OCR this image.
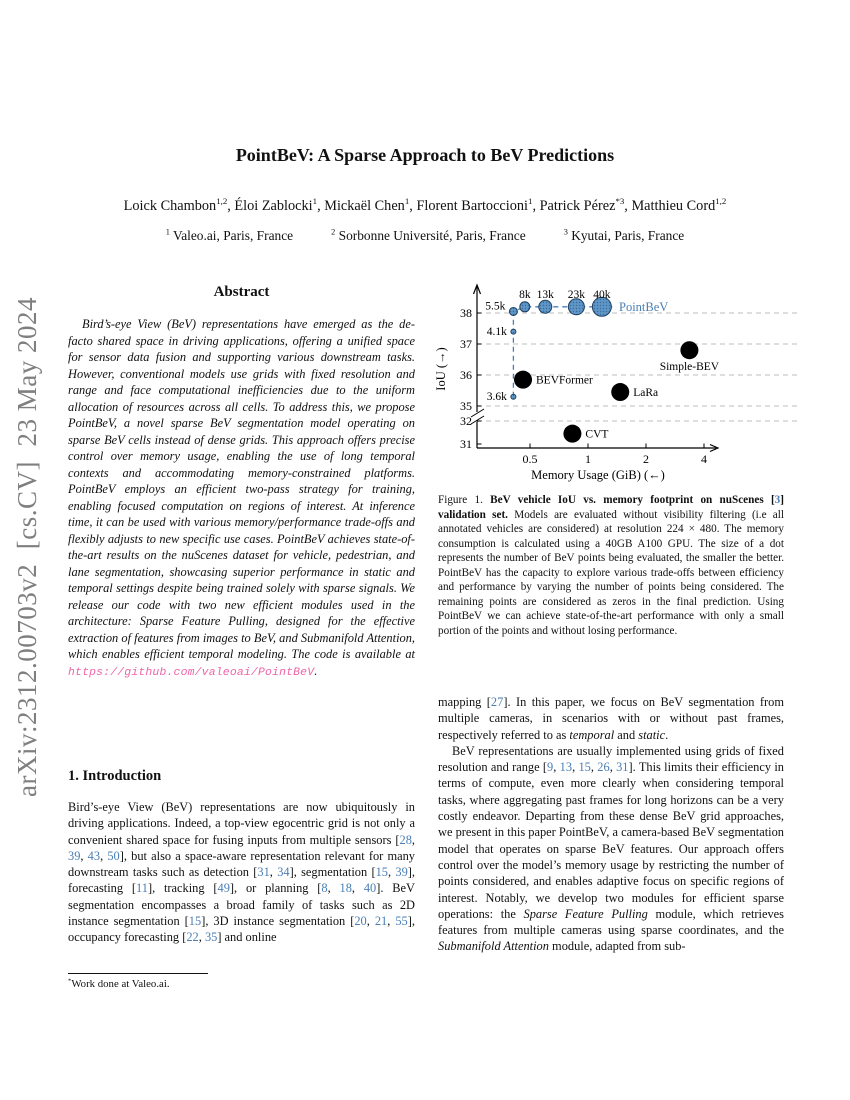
arXiv:2312.00703v2  [cs.CV]  23 May 2024
PointBeV: A Sparse Approach to BeV Predictions
Loick Chambon$^{1,2}$, Éloi Zablocki$^1$, Mickaël Chen$^1$, Florent Bartoccioni$^1$, Patrick Pérez$^{*3}$, Matthieu Cord$^{1,2}$
$^1$ Valeo.ai, Paris, France	$^2$ Sorbonne Université, Paris, France	$^3$ Kyutai, Paris, France
Abstract
Bird’s-eye View (BeV) representations have emerged as the de-facto shared space in driving applications, offering a unified space for sensor data fusion and supporting various downstream tasks. However, conventional models use grids with fixed resolution and range and face computational inefficiencies due to the uniform allocation of resources across all cells. To address this, we propose PointBeV, a novel sparse BeV segmentation model operating on sparse BeV cells instead of dense grids. This approach offers precise control over memory usage, enabling the use of long temporal contexts and accommodating memory-constrained platforms. PointBeV employs an efficient two-pass strategy for training, enabling focused computation on regions of interest. At inference time, it can be used with various memory/performance trade-offs and flexibly adjusts to new specific use cases. PointBeV achieves state-of-the-art results on the nuScenes dataset for vehicle, pedestrian, and lane segmentation, showcasing superior performance in static and temporal settings despite being trained solely with sparse signals. We release our code with two new efficient modules used in the architecture: Sparse Feature Pulling, designed for the effective extraction of features from images to BeV, and Submanifold Attention, which enables efficient temporal modeling. The code is available at https://github.com/valeoai/PointBeV.
1. Introduction
Bird’s-eye View (BeV) representations are now ubiquitously in driving applications. Indeed, a top-view egocentric grid is not only a convenient shared space for fusing inputs from multiple sensors [28, 39, 43, 50], but also a space-aware representation relevant for many downstream tasks such as detection [31, 34], segmentation [15, 39], forecasting [11], tracking [49], or planning [8, 18, 40]. BeV segmentation encompasses a broad family of tasks such as 2D instance segmentation [15], 3D instance segmentation [20, 21, 55], occupancy forecasting [22, 35] and online
*Work done at Valeo.ai.
3.6k
4.1k
5.5k
8k 13k 23k 40k
BEVFormer
LaRa
Simple-BEV
CVT
PointBeV
0.5	1	2	4
38
37
36
35
32
31
IoU (→)
Memory Usage (GiB) (←)
Figure 1. BeV vehicle IoU vs. memory footprint on nuScenes [3] validation set. Models are evaluated without visibility filtering (i.e all annotated vehicles are considered) at resolution 224 × 480. The memory consumption is calculated using a 40GB A100 GPU. The size of a dot represents the number of BeV points being evaluated, the smaller the better. PointBeV has the capacity to explore various trade-offs between efficiency and performance by varying the number of points being considered. The remaining points are considered as zeros in the final prediction. Using PointBeV we can achieve state-of-the-art performance with only a small portion of the points and without losing performance.

mapping [27]. In this paper, we focus on BeV segmentation from multiple cameras, in scenarios with or without past frames, respectively referred to as temporal and static.

BeV representations are usually implemented using grids of fixed resolution and range [9, 13, 15, 26, 31]. This limits their efficiency in terms of compute, even more clearly when considering temporal tasks, where aggregating past frames for long horizons can be a very costly endeavor. Departing from these dense BeV grid approaches, we present in this paper PointBeV, a camera-based BeV segmentation model that operates on sparse BeV features. Our approach offers control over the model’s memory usage by restricting the number of points considered, and enables adaptive focus on specific regions of interest. Notably, we develop two modules for efficient sparse operations: the Sparse Feature Pulling module, which retrieves features from multiple cameras using sparse coordinates, and the Submanifold Attention module, adapted from sub-
